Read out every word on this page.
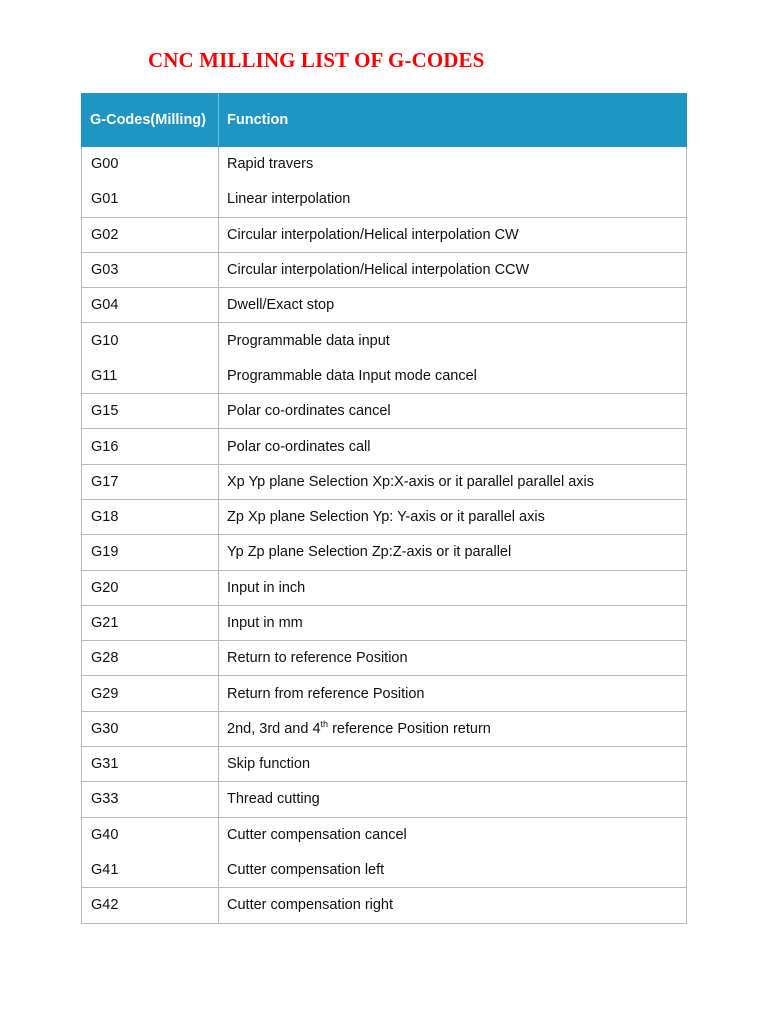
CNC MILLING LIST OF G-CODES
G-Codes(Milling)	Function
G00	Rapid travers
G01	Linear interpolation
G02	Circular interpolation/Helical interpolation CW
G03	Circular interpolation/Helical interpolation CCW
G04	Dwell/Exact stop
G10	Programmable data input
G11	Programmable data Input mode cancel
G15	Polar co-ordinates cancel
G16	Polar co-ordinates call
G17	Xp Yp plane Selection Xp:X-axis or it parallel parallel axis
G18	Zp Xp plane Selection Yp: Y-axis or it parallel axis
G19	Yp Zp plane Selection Zp:Z-axis or it parallel
G20	Input in inch
G21	Input in mm
G28	Return to reference Position
G29	Return from reference Position
G30	2nd, 3rd and 4th reference Position return
G31	Skip function
G33	Thread cutting
G40	Cutter compensation cancel
G41	Cutter compensation left
G42	Cutter compensation right
